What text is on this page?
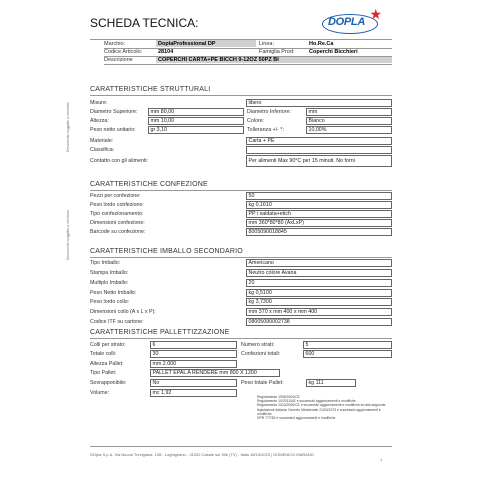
SCHEDA TECNICA:	DOPLA ★
Marchio:	DoplaProfessional DP	Linea:	Ho.Re.Ca
Codice Articolo:	28104	Famiglia Prod:	Coperchi Bicchieri
Descrizione	COPERCHI CARTA+PE BICCH 9-12OZ 50PZ BI
Documento soggetto a revisione
CARATTERISTICHE STRUTTURALI
Misure:	libero
Diametro Superiore:	mm 80,00	Diametro Inferiore:	mm
Altezza:	mm 10,00	Colore:	Bianco
Peso netto unitario:	gr 3,10	Tolleranza +/- *:	10,00%
Materiale:	Carta + PE
Classifica:
Contatto con gli alimenti:	Per alimenti Max 90°C per 15 minuti. No forni
CARATTERISTICHE CONFEZIONE
Pezzi per confezione:	50
Peso lordo confezione:	kg 0,1610
Tipo confezionamento:	PP i saldata+etich
Dimensioni confezione:	mm 360*80*80 (AxLxP)
Barcode su confezione:	8005090018845
Documento soggetto a revisione	CARATTERISTICHE IMBALLO SECONDARIO
Tipo Imballo:	Americano
Stampa Imballo:	Neutro colore Avana
Multiplo Imballo:	20
Peso Netto Imballo:	kg 0,5100
Peso lordo collo:	kg 3,7300
Dimensioni collo (A x L x P):	mm 370 x mm 400 x mm 400
Codice ITF su cartone:	08005090002738
CARATTERISTICHE PALLETTIZZAZIONE
Colli per strato:	6	Numero strati:	5
Totale colli:	30	Confezioni totali:	600
Altezza Pallet:	mm 2.000
Tipo Pallet:	PALLET EPAL A RENDERE mm 800 X 1200
Sovrapponibile:	No	Peso totale Pallet:	kg 111
Volume:	mc 1,92
Regolamento 1935/2004/CE
Regolamento 10/2011/UE e successivi aggiornamenti e modifiche
Regolamento 2023/2006/CE e successivi aggiornamenti e modifiche ed alla seguente
legislazione italiana: Decreto Ministeriale 21/03/1973 e successivi aggiornamenti e modifiche
DPR 777/82 e successivi aggiornamenti e modifiche
DOpla S.p.A. Via Nuova Trevigiana, 138 - Loghignano - 31032 Casale sul Sile (TV) - Italia 18/10/2023 | DOMENICO MARANO
1
